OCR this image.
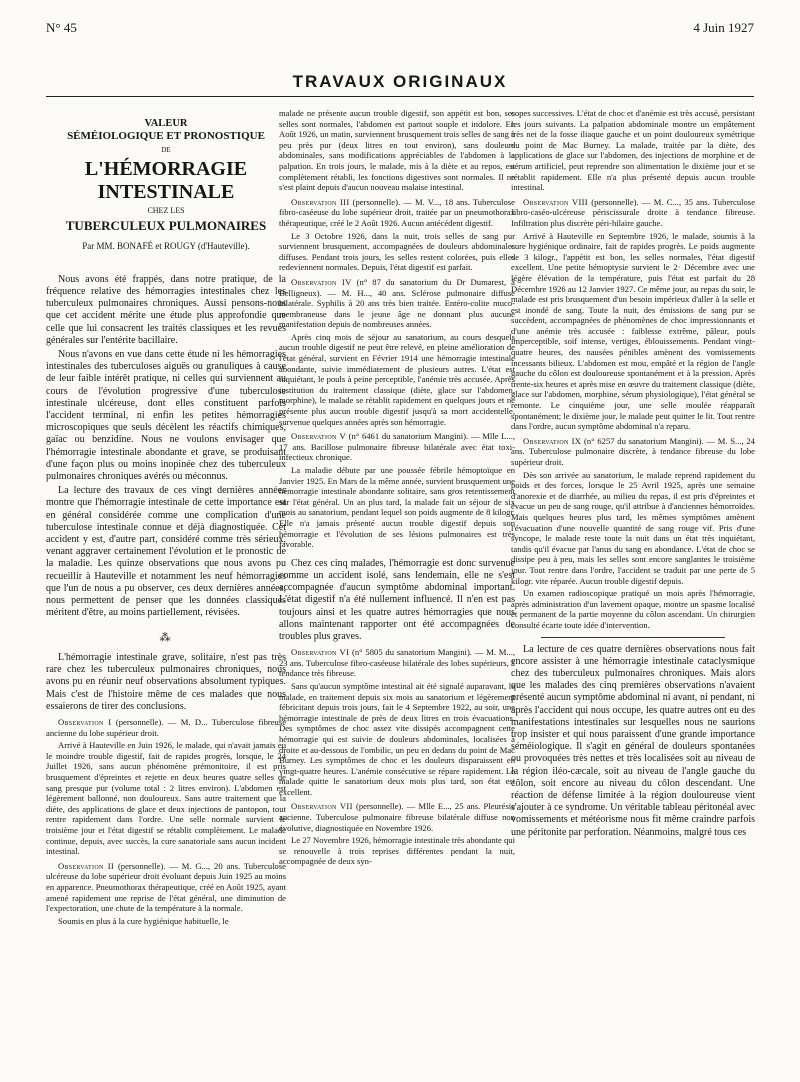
N° 45	4 Juin 1927
TRAVAUX ORIGINAUX
VALEUR
SÉMÉIOLOGIQUE ET PRONOSTIQUE
DE
L'HÉMORRAGIE INTESTINALE
CHEZ LES
TUBERCULEUX PULMONAIRES
Par MM. BONAFÉ et ROUGY (d'Hauteville).

Nous avons été frappés, dans notre pratique, de la fréquence relative des hémorragies intestinales chez les tuberculeux pulmonaires chroniques. Aussi pensons-nous que cet accident mérite une étude plus approfondie que celle que lui consacrent les traités classiques et les revues générales sur l'entérite bacillaire.

Nous n'avons en vue dans cette étude ni les hémorragies intestinales des tuberculoses aiguës ou granuliques à cause de leur faible intérêt pratique, ni celles qui surviennent au cours de l'évolution progressive d'une tuberculose intestinale ulcéreuse, dont elles constituent parfois l'accident terminal, ni enfin les petites hémorragies microscopiques que seuls décèlent les réactifs chimiques, gaïac ou benzidine. Nous ne voulons envisager que l'hémorragie intestinale abondante et grave, se produisant d'une façon plus ou moins inopinée chez des tuberculeux pulmonaires chroniques avérés ou méconnus.

La lecture des travaux de ces vingt dernières années montre que l'hémorragie intestinale de cette importance est en général considérée comme une complication d'une tuberculose intestinale connue et déjà diagnostiquée. Cet accident y est, d'autre part, considéré comme très sérieux, venant aggraver certainement l'évolution et le pronostic de la maladie. Les quinze observations que nous avons pu recueillir à Hauteville et notamment les neuf hémorragies que l'un de nous a pu observer, ces deux dernières années, nous permettent de penser que les données classiques méritent d'être, au moins partiellement, révisées.

⁂

L'hémorragie intestinale grave, solitaire, n'est pas très rare chez les tuberculeux pulmonaires chroniques, nous avons pu en réunir neuf observations absolument typiques. Mais c'est de l'histoire même de ces malades que nous essaierons de tirer des conclusions.

Observation I (personnelle). — M. D... Tuberculose fibreuse ancienne du lobe supérieur droit.

Arrivé à Hauteville en Juin 1926, le malade, qui n'avait jamais eu le moindre trouble digestif, fait de rapides progrès, lorsque, le 24 Juillet 1926, sans aucun phénomène prémonitoire, il est pris brusquement d'épreintes et rejette en deux heures quatre selles de sang presque pur (volume total : 2 litres environ). L'abdomen est légèrement ballonné, non douloureux. Sans autre traitement que la diète, des applications de glace et deux injections de pantopon, tout rentre rapidement dans l'ordre. Une selle normale survient le troisième jour et l'état digestif se rétablit complètement. Le malade continue, depuis, avec succès, la cure sanatoriale sans aucun incident intestinal.

Observation II (personnelle). — M. G..., 20 ans. Tuberculose ulcéreuse du lobe supérieur droit évoluant depuis Juin 1925 au moins en apparence. Pneumothorax thérapeutique, créé en Août 1925, ayant amené rapidement une reprise de l'état général, une diminution de l'expectoration, une chute de la température à la normale.

Soumis en plus à la cure hygiénique habituelle, le

malade ne présente aucun trouble digestif, son appétit est bon, ses selles sont normales, l'abdomen est partout souple et indolore. En Août 1926, un matin, surviennent brusquement trois selles de sang à peu près pur (deux litres en tout environ), sans douleurs abdominales, sans modifications appréciables de l'abdomen à la palpation. En trois jours, le malade, mis à la diète et au repos, est complètement rétabli, les fonctions digestives sont normales. Il ne s'est plaint depuis d'aucun nouveau malaise intestinal.

Observation III (personnelle). — M. V..., 18 ans. Tuberculose fibro-caséeuse du lobe supérieur droit, traitée par un pneumothorax thérapeutique, créé le 2 Août 1926. Aucun antécédent digestif.

Le 3 Octobre 1926, dans la nuit, trois selles de sang pur surviennent brusquement, accompagnées de douleurs abdominales diffuses. Pendant trois jours, les selles restent colorées, puis elles redeviennent normales. Depuis, l'état digestif est parfait.

Observation IV (n° 87 du sanatorium du Dr Dumarest, à Belligneux). — M. H..., 40 ans. Sclérose pulmonaire diffuse bilatérale. Syphilis à 20 ans très bien traitée. Entéro-colite muco-membraneuse dans le jeune âge ne donnant plus aucune manifestation depuis de nombreuses années.

Après cinq mois de séjour au sanatorium, au cours desquels aucun trouble digestif ne peut être relevé, en pleine amélioration de l'état général, survient en Février 1914 une hémorragie intestinale abondante, suivie immédiatement de plusieurs autres. L'état est inquiétant, le pouls à peine perceptible, l'anémie très accusée. Après institution du traitement classique (diète, glace sur l'abdomen, morphine), le malade se rétablit rapidement en quelques jours et ne présente plus aucun trouble digestif jusqu'à sa mort accidentelle, survenue quelques années après son hémorragie.

Observation V (n° 6461 du sanatorium Mangini). — Mlle L..., 17 ans. Bacillose pulmonaire fibreuse bilatérale avec état toxi-infectieux chronique.

La maladie débute par une poussée fébrile hémoptoïque en Janvier 1925. En Mars de la même année, survient brusquement une hémorragie intestinale abondante solitaire, sans gros retentissement sur l'état général. Un an plus tard, la malade fait un séjour de six mois au sanatorium, pendant lequel son poids augmente de 8 kilogr. Elle n'a jamais présenté aucun trouble digestif depuis son hémorragie et l'évolution de ses lésions pulmonaires est très favorable.

Chez ces cinq malades, l'hémorragie est donc survenue comme un accident isolé, sans lendemain, elle ne s'est accompagnée d'aucun symptôme abdominal important. L'état digestif n'a été nullement influencé. Il n'en est pas toujours ainsi et les quatre autres hémorragies que nous allons maintenant rapporter ont été accompagnées de troubles plus graves.

Observation VI (n° 5805 du sanatorium Mangini). — M. M..., 23 ans. Tuberculose fibro-caséeuse bilatérale des lobes supérieurs, à tendance très fibreuse.

Sans qu'aucun symptôme intestinal ait été signalé auparavant, le malade, en traitement depuis six mois au sanatorium et légèrement fébricitant depuis trois jours, fait le 4 Septembre 1922, au soir, une hémorragie intestinale de près de deux litres en trois évacuations. Des symptômes de choc assez vite dissipés accompagnent cette hémorragie qui est suivie de douleurs abdominales, localisées à droite et au-dessous de l'ombilic, un peu en dedans du point de Mac Burney. Les symptômes de choc et les douleurs disparaissent en vingt-quatre heures. L'anémie consécutive se répare rapidement. Le malade quitte le sanatorium deux mois plus tard, son état est excellent.

Observation VII (personnelle). — Mlle E..., 25 ans. Pleurésie ancienne. Tuberculose pulmonaire fibreuse bilatérale diffuse non évolutive, diagnostiquée en Novembre 1926.

Le 27 Novembre 1926, hémorragie intestinale très abondante qui se renouvelle à trois reprises différentes pendant la nuit, accompagnée de deux syn-

copes successives. L'état de choc et d'anémie est très accusé, persistant les jours suivants. La palpation abdominale montre un empâtement très net de la fosse iliaque gauche et un point douloureux symétrique du point de Mac Burney. La malade, traitée par la diète, des applications de glace sur l'abdomen, des injections de morphine et de sérum artificiel, peut reprendre son alimentation le dixième jour et se rétablit rapidement. Elle n'a plus présenté depuis aucun trouble intestinal.

Observation VIII (personnelle). — M. C..., 35 ans. Tuberculose fibro-caséo-ulcéreuse périscissurale droite à tendance fibreuse. Infiltration plus discrète péri-hilaire gauche.

Arrivé à Hauteville en Septembre 1926, le malade, soumis à la cure hygiénique ordinaire, fait de rapides progrès. Le poids augmente de 3 kilogr., l'appétit est bon, les selles normales, l'état digestif excellent. Une petite hémoptysie survient le 2· Décembre avec une légère élévation de la température, puis l'état est parfait du 28 Décembre 1926 au 12 Janvier 1927. Ce même jour, au repas du soir, le malade est pris brusquement d'un besoin impérieux d'aller à la selle et est inondé de sang. Toute la nuit, des émissions de sang pur se succèdent, accompagnées de phénomènes de choc impressionnants et d'une anémie très accusée : faiblesse extrême, pâleur, pouls imperceptible, soif intense, vertiges, éblouissements. Pendant vingt-quatre heures, des nausées pénibles amènent des vomissements incessants bilieux. L'abdomen est mou, empâté et la région de l'angle gauche du côlon est douloureuse spontanément et à la pression. Après trente-six heures et après mise en œuvre du traitement classique (diète, glace sur l'abdomen, morphine, sérum physiologique), l'état général se remonte. Le cinquième jour, une selle moulée réapparaît spontanément; le dixième jour, le malade peut quitter le lit. Tout rentre dans l'ordre, aucun symptôme abdominal n'a reparu.

Observation IX (n° 6257 du sanatorium Mangini). — M. S..., 24 ans. Tuberculose pulmonaire discrète, à tendance fibreuse du lobe supérieur droit.

Dès son arrivée au sanatorium, le malade reprend rapidement du poids et des forces, lorsque le 25 Avril 1925, après une semaine d'anorexie et de diarrhée, au milieu du repas, il est pris d'épreintes et évacue un peu de sang rouge, qu'il attribue à d'anciennes hémorroïdes. Mais quelques heures plus tard, les mêmes symptômes amènent l'évacuation d'une nouvelle quantité de sang rouge vif. Pris d'une syncope, le malade reste toute la nuit dans un état très inquiétant, tandis qu'il évacue par l'anus du sang en abondance. L'état de choc se dissipe peu à peu, mais les selles sont encore sanglantes le troisième jour. Tout rentre dans l'ordre, l'accident se traduit par une perte de 5 kilogr. vite réparée. Aucun trouble digestif depuis.

Un examen radioscopique pratiqué un mois après l'hémorragie, après administration d'un lavement opaque, montre un spasme localisé et permanent de la partie moyenne du côlon ascendant. Un chirurgien consulté écarte toute idée d'intervention.

La lecture de ces quatre dernières observations nous fait encore assister à une hémorragie intestinale cataclysmique chez des tuberculeux pulmonaires chroniques. Mais alors que les malades des cinq premières observations n'avaient présenté aucun symptôme abdominal ni avant, ni pendant, ni après l'accident qui nous occupe, les quatre autres ont eu des manifestations intestinales sur lesquelles nous ne saurions trop insister et qui nous paraissent d'une grande importance séméiologique. Il s'agit en général de douleurs spontanées ou provoquées très nettes et très localisées soit au niveau de la région iléo-cæcale, soit au niveau de l'angle gauche du côlon, soit encore au niveau du côlon descendant. Une réaction de défense limitée à la région douloureuse vient s'ajouter à ce syndrome. Un véritable tableau péritonéal avec vomissements et météorisme nous fit même craindre parfois une péritonite par perforation. Néanmoins, malgré tous ces
